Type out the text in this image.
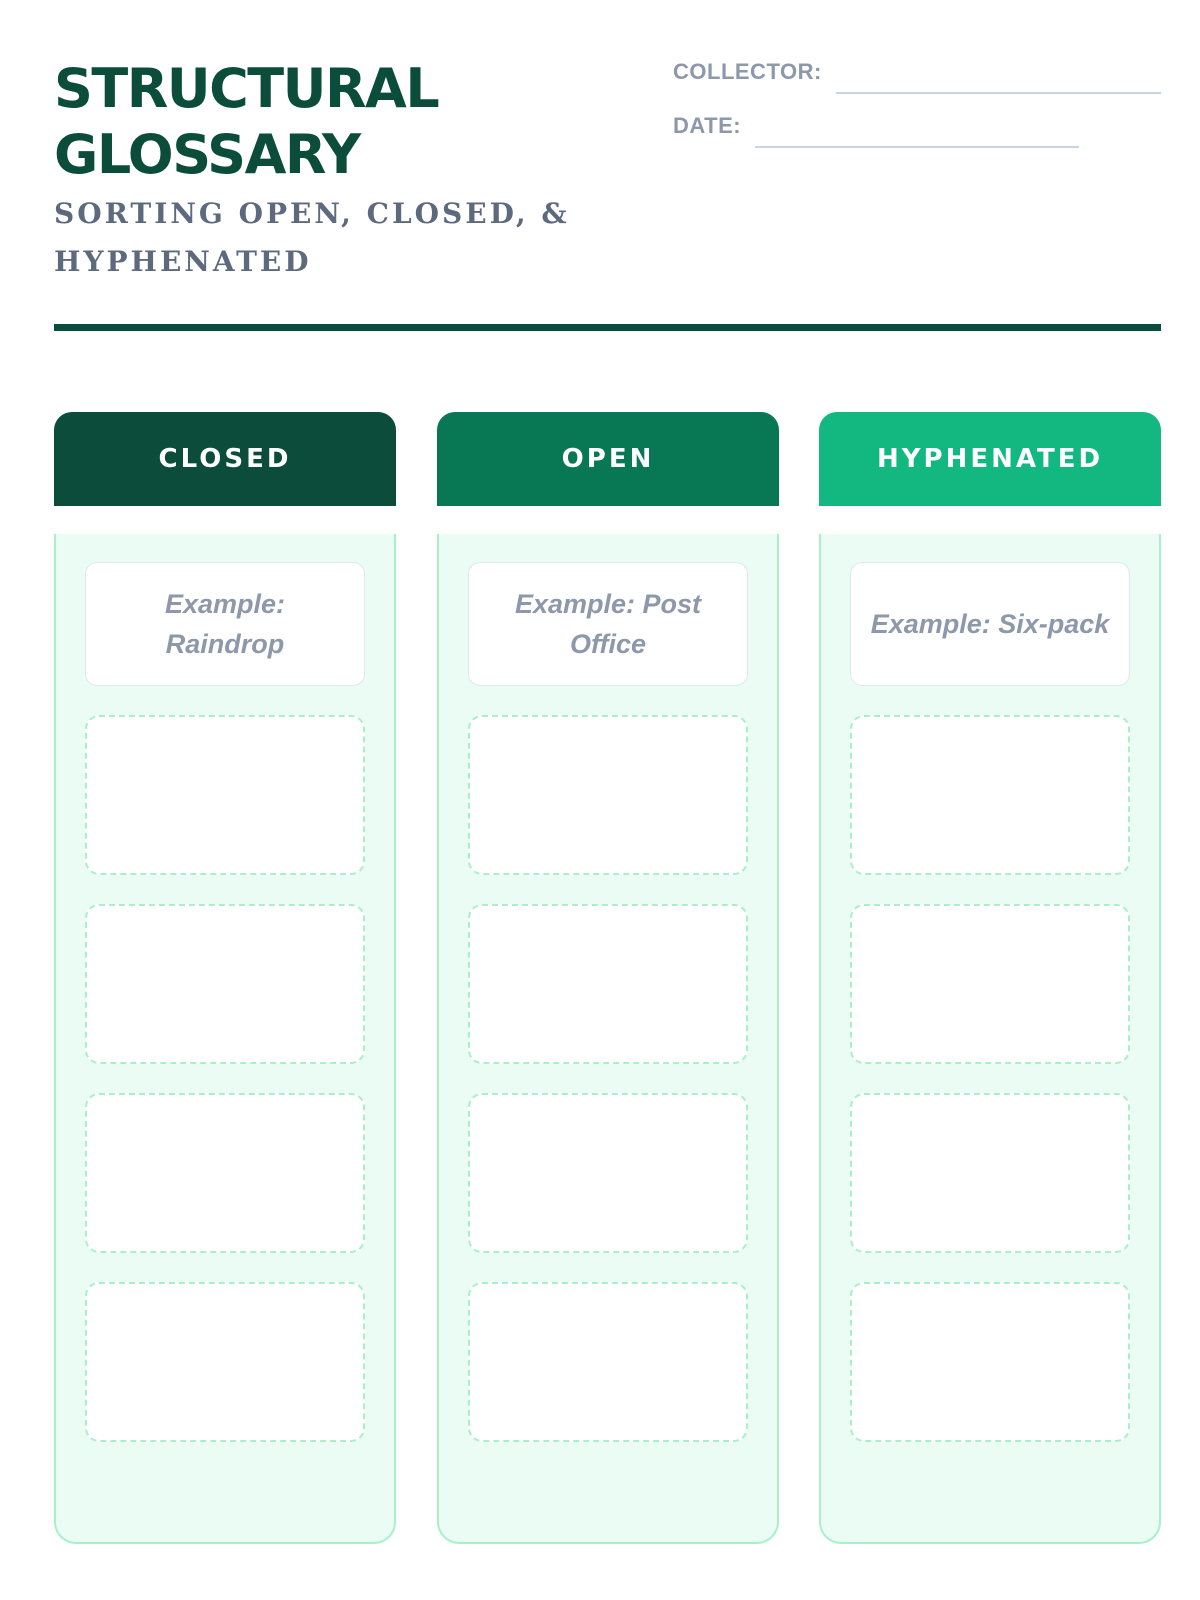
STRUCTURAL GLOSSARY
SORTING OPEN, CLOSED, & HYPHENATED
COLLECTOR:
DATE:
CLOSED
Example: Raindrop
OPEN
Example: Post Office
HYPHENATED
Example: Six-pack
